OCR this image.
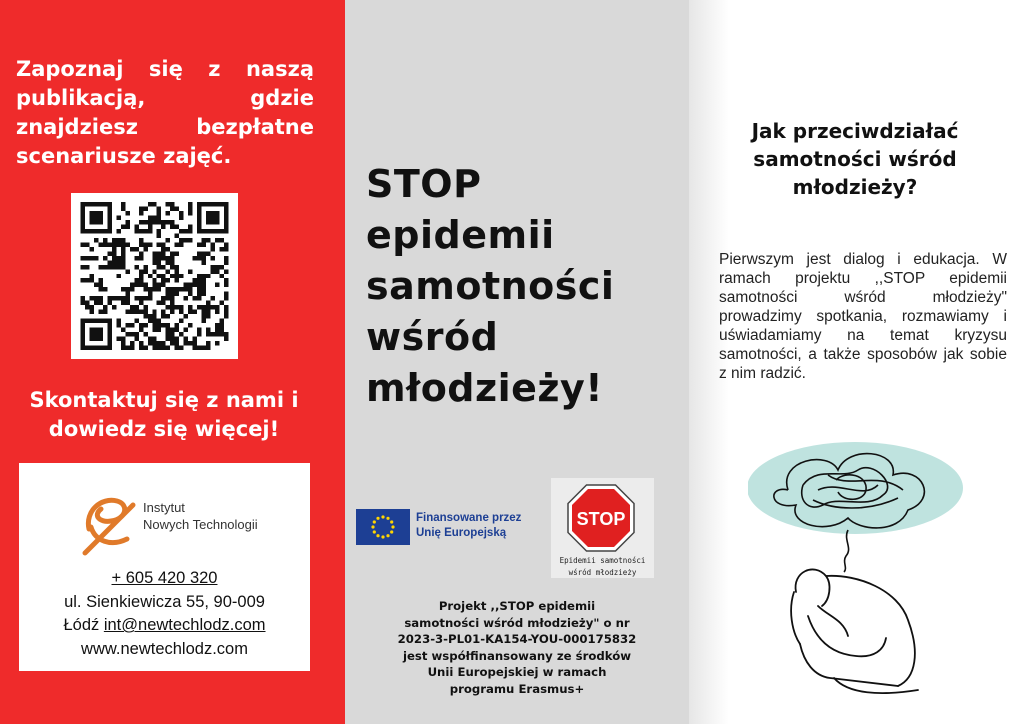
Zapoznaj się z naszą publikacją, gdzie znajdziesz bezpłatne scenariusze zajęć.

Skontaktuj się z nami i dowiedz się więcej!

Instytut
Nowych Technologii
+ 605 420 320
ul. Sienkiewicza 55, 90-009
Łódź int@newtechlodz.com
www.newtechlodz.com
STOP
epidemii
samotności
wśród
młodzieży!
Finansowane przez
Unię Europejską
STOP
Epidemii samotności
wśród młodzieży
Projekt ,,STOP epidemii
samotności wśród młodzieży" o nr
2023-3-PL01-KA154-YOU-000175832
jest współfinansowany ze środków
Unii Europejskiej w ramach
programu Erasmus+
Jak przeciwdziałać samotności wśród młodzieży?

Pierwszym jest dialog i edukacja. W ramach projektu ,,STOP epidemii samotności wśród młodzieży" prowadzimy spotkania, rozmawiamy i uświadamiamy na temat kryzysu samotności, a także sposobów jak sobie z nim radzić.
